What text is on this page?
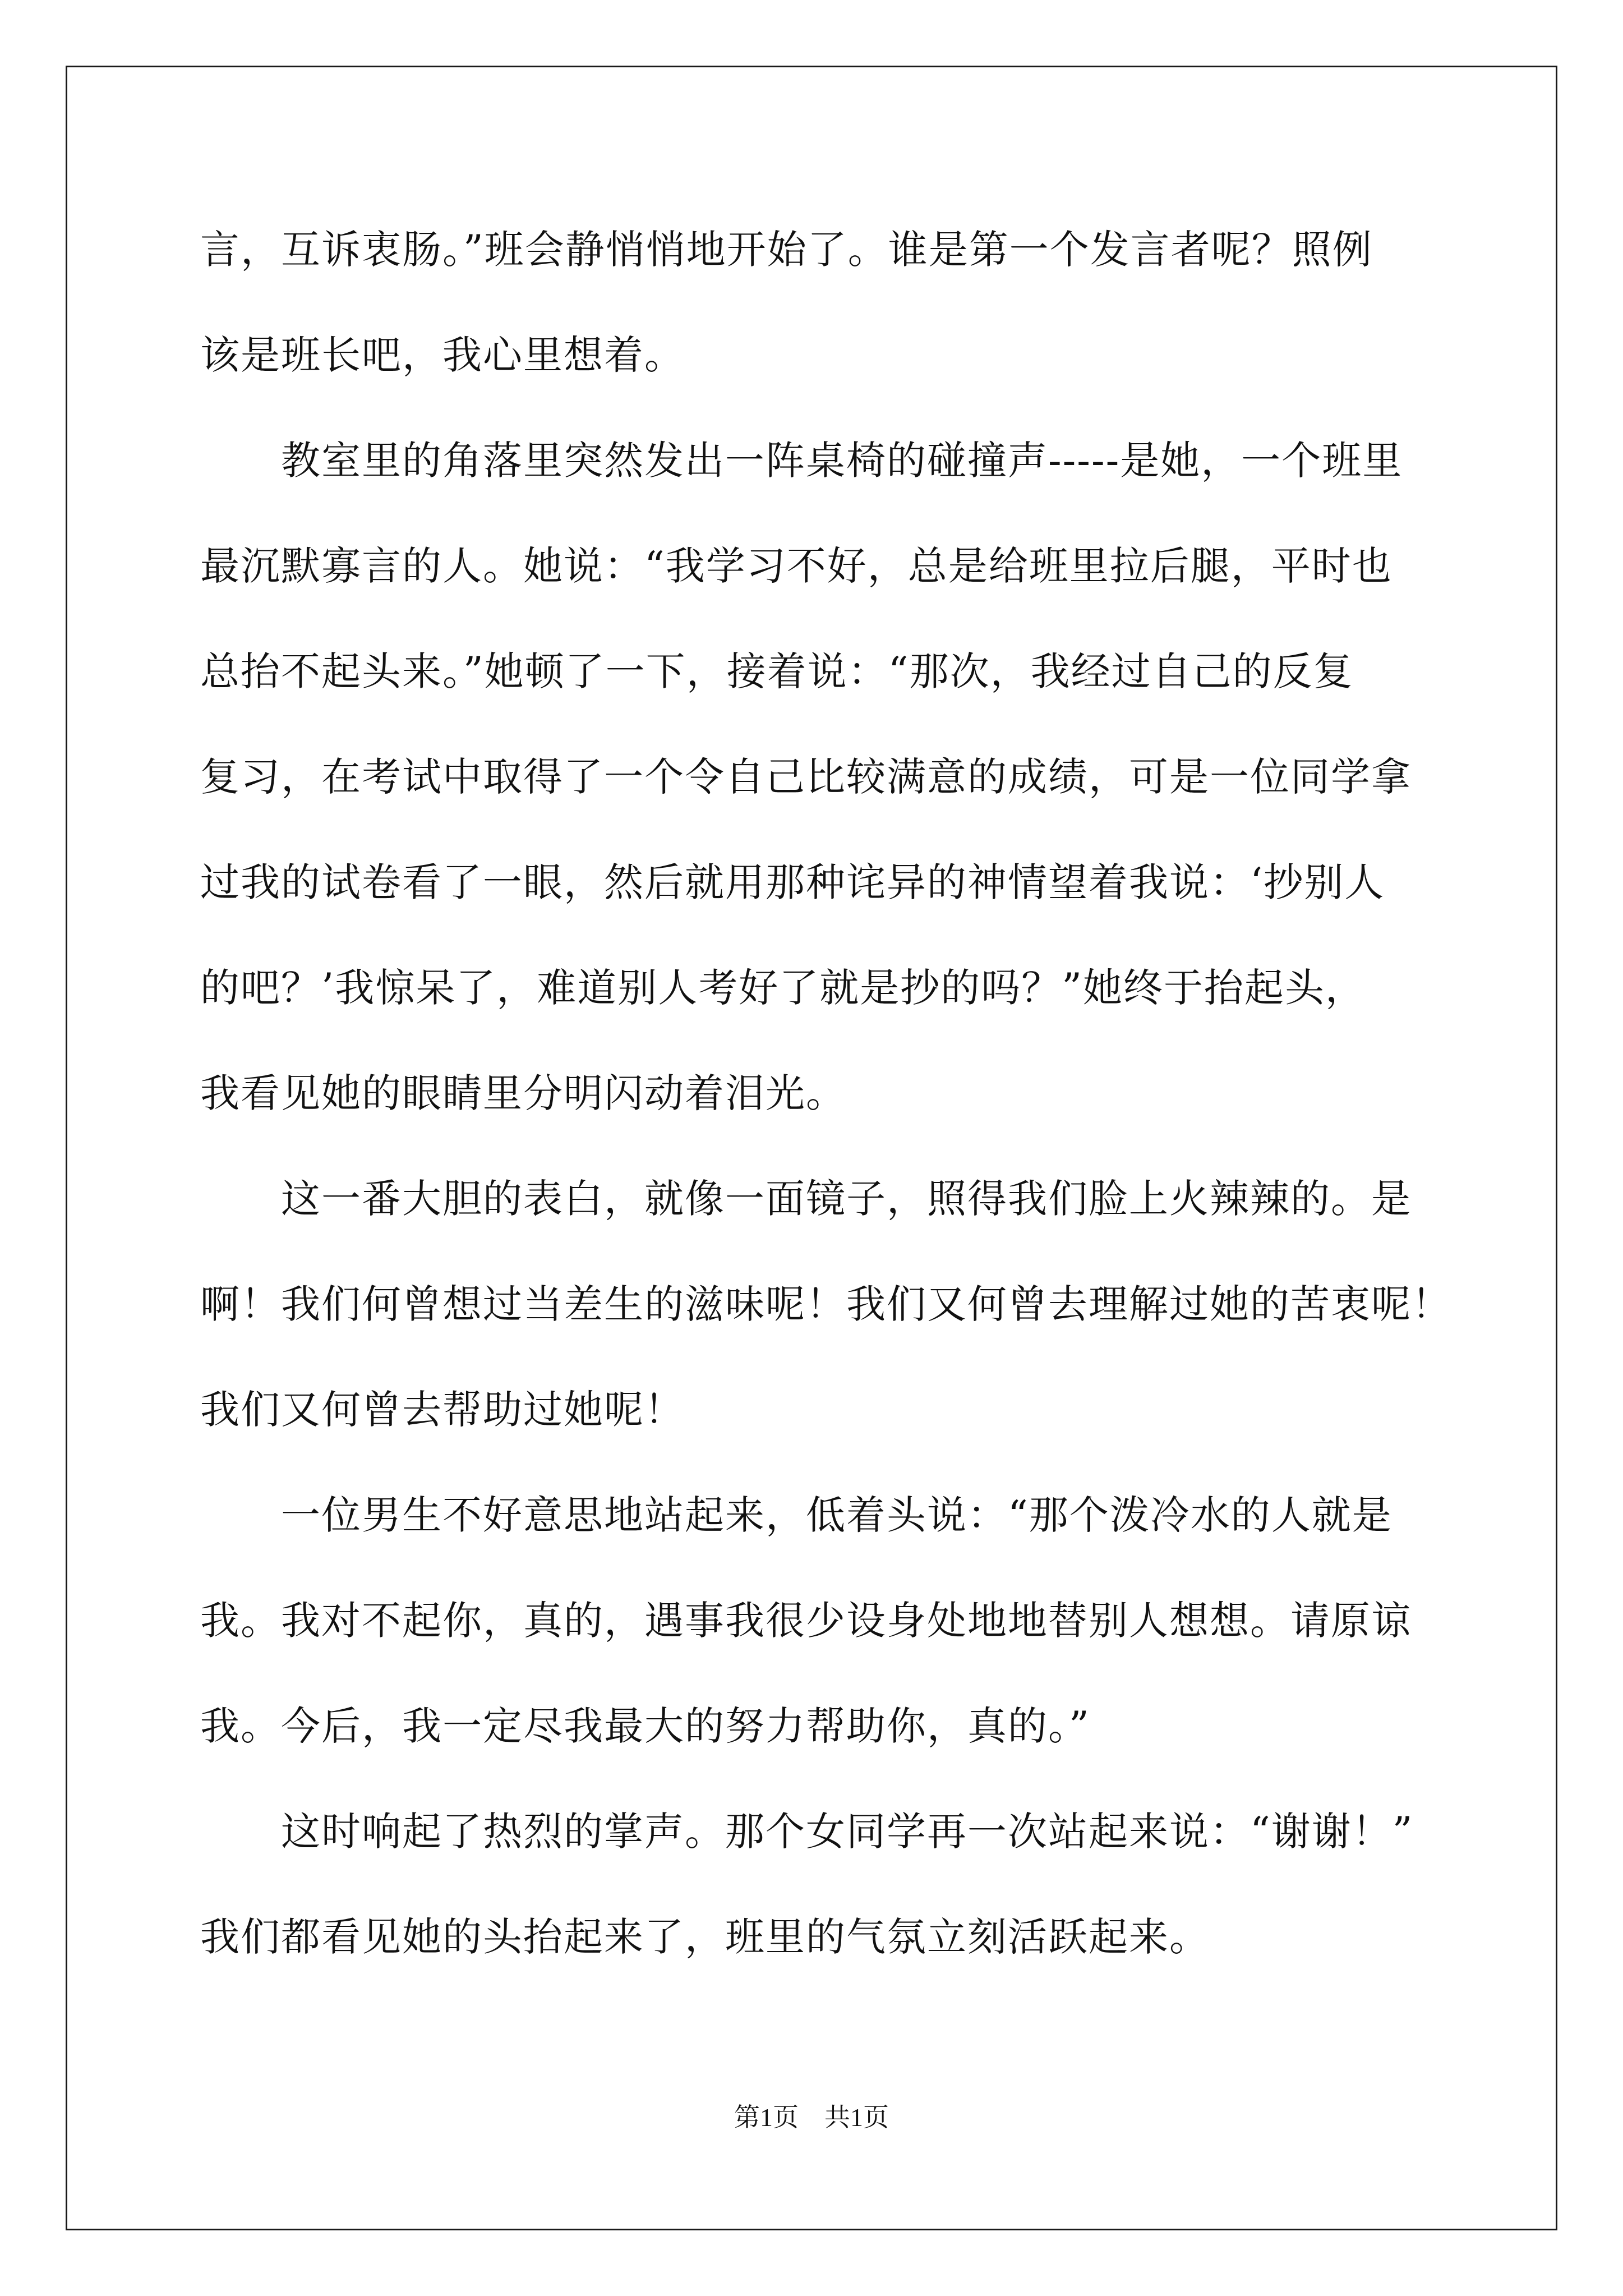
言，互诉衷肠。”班会静悄悄地开始了。谁是第一个发言者呢？照例
该是班长吧，我心里想着。
教室里的角落里突然发出一阵桌椅的碰撞声-----是她，一个班里
最沉默寡言的人。她说：“我学习不好，总是给班里拉后腿，平时也
总抬不起头来。”她顿了一下，接着说：“那次，我经过自己的反复
复习，在考试中取得了一个令自己比较满意的成绩，可是一位同学拿
过我的试卷看了一眼，然后就用那种诧异的神情望着我说：‘抄别人
的吧？’我惊呆了，难道别人考好了就是抄的吗？”她终于抬起头，
我看见她的眼睛里分明闪动着泪光。
这一番大胆的表白，就像一面镜子，照得我们脸上火辣辣的。是
啊！我们何曾想过当差生的滋味呢！我们又何曾去理解过她的苦衷呢！
我们又何曾去帮助过她呢！
一位男生不好意思地站起来，低着头说：“那个泼冷水的人就是
我。我对不起你，真的，遇事我很少设身处地地替别人想想。请原谅
我。今后，我一定尽我最大的努力帮助你，真的。”
这时响起了热烈的掌声。那个女同学再一次站起来说：“谢谢！”
我们都看见她的头抬起来了，班里的气氛立刻活跃起来。
第1页　共1页
